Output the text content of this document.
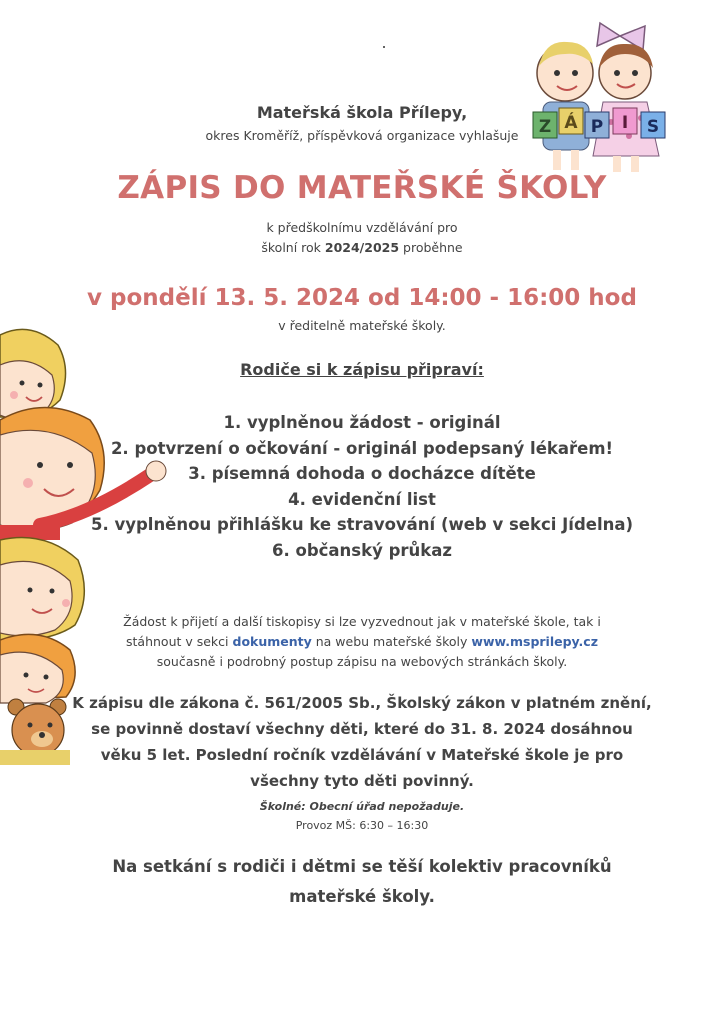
Z Á P I S
Mateřská škola Přílepy,
okres Kroměříž, příspěvková organizace vyhlašuje
ZÁPIS DO MATEŘSKÉ ŠKOLY
k předškolnímu vzdělávání pro
školní rok 2024/2025 proběhne
v pondělí 13. 5. 2024 od 14:00 - 16:00 hod
v ředitelně mateřské školy.
Rodiče si k zápisu připraví:
1. vyplněnou žádost - originál
2. potvrzení o očkování - originál podepsaný lékařem!
3. písemná dohoda o docházce dítěte
4. evidenční list
5. vyplněnou přihlášku ke stravování (web v sekci Jídelna)
6. občanský průkaz
Žádost k přijetí a další tiskopisy si lze vyzvednout jak v mateřské škole, tak i
stáhnout v sekci dokumenty na webu mateřské školy www.msprilepy.cz
současně i podrobný postup zápisu na webových stránkách školy.
K zápisu dle zákona č. 561/2005 Sb., Školský zákon v platném znění,
se povinně dostaví všechny děti, které do 31. 8. 2024 dosáhnou
věku 5 let. Poslední ročník vzdělávání v Mateřské škole je pro
všechny tyto děti povinný.
Školné: Obecní úřad nepožaduje.
Provoz MŠ: 6:30 – 16:30
Na setkání s rodiči i dětmi se těší kolektiv pracovníků
mateřské školy.
